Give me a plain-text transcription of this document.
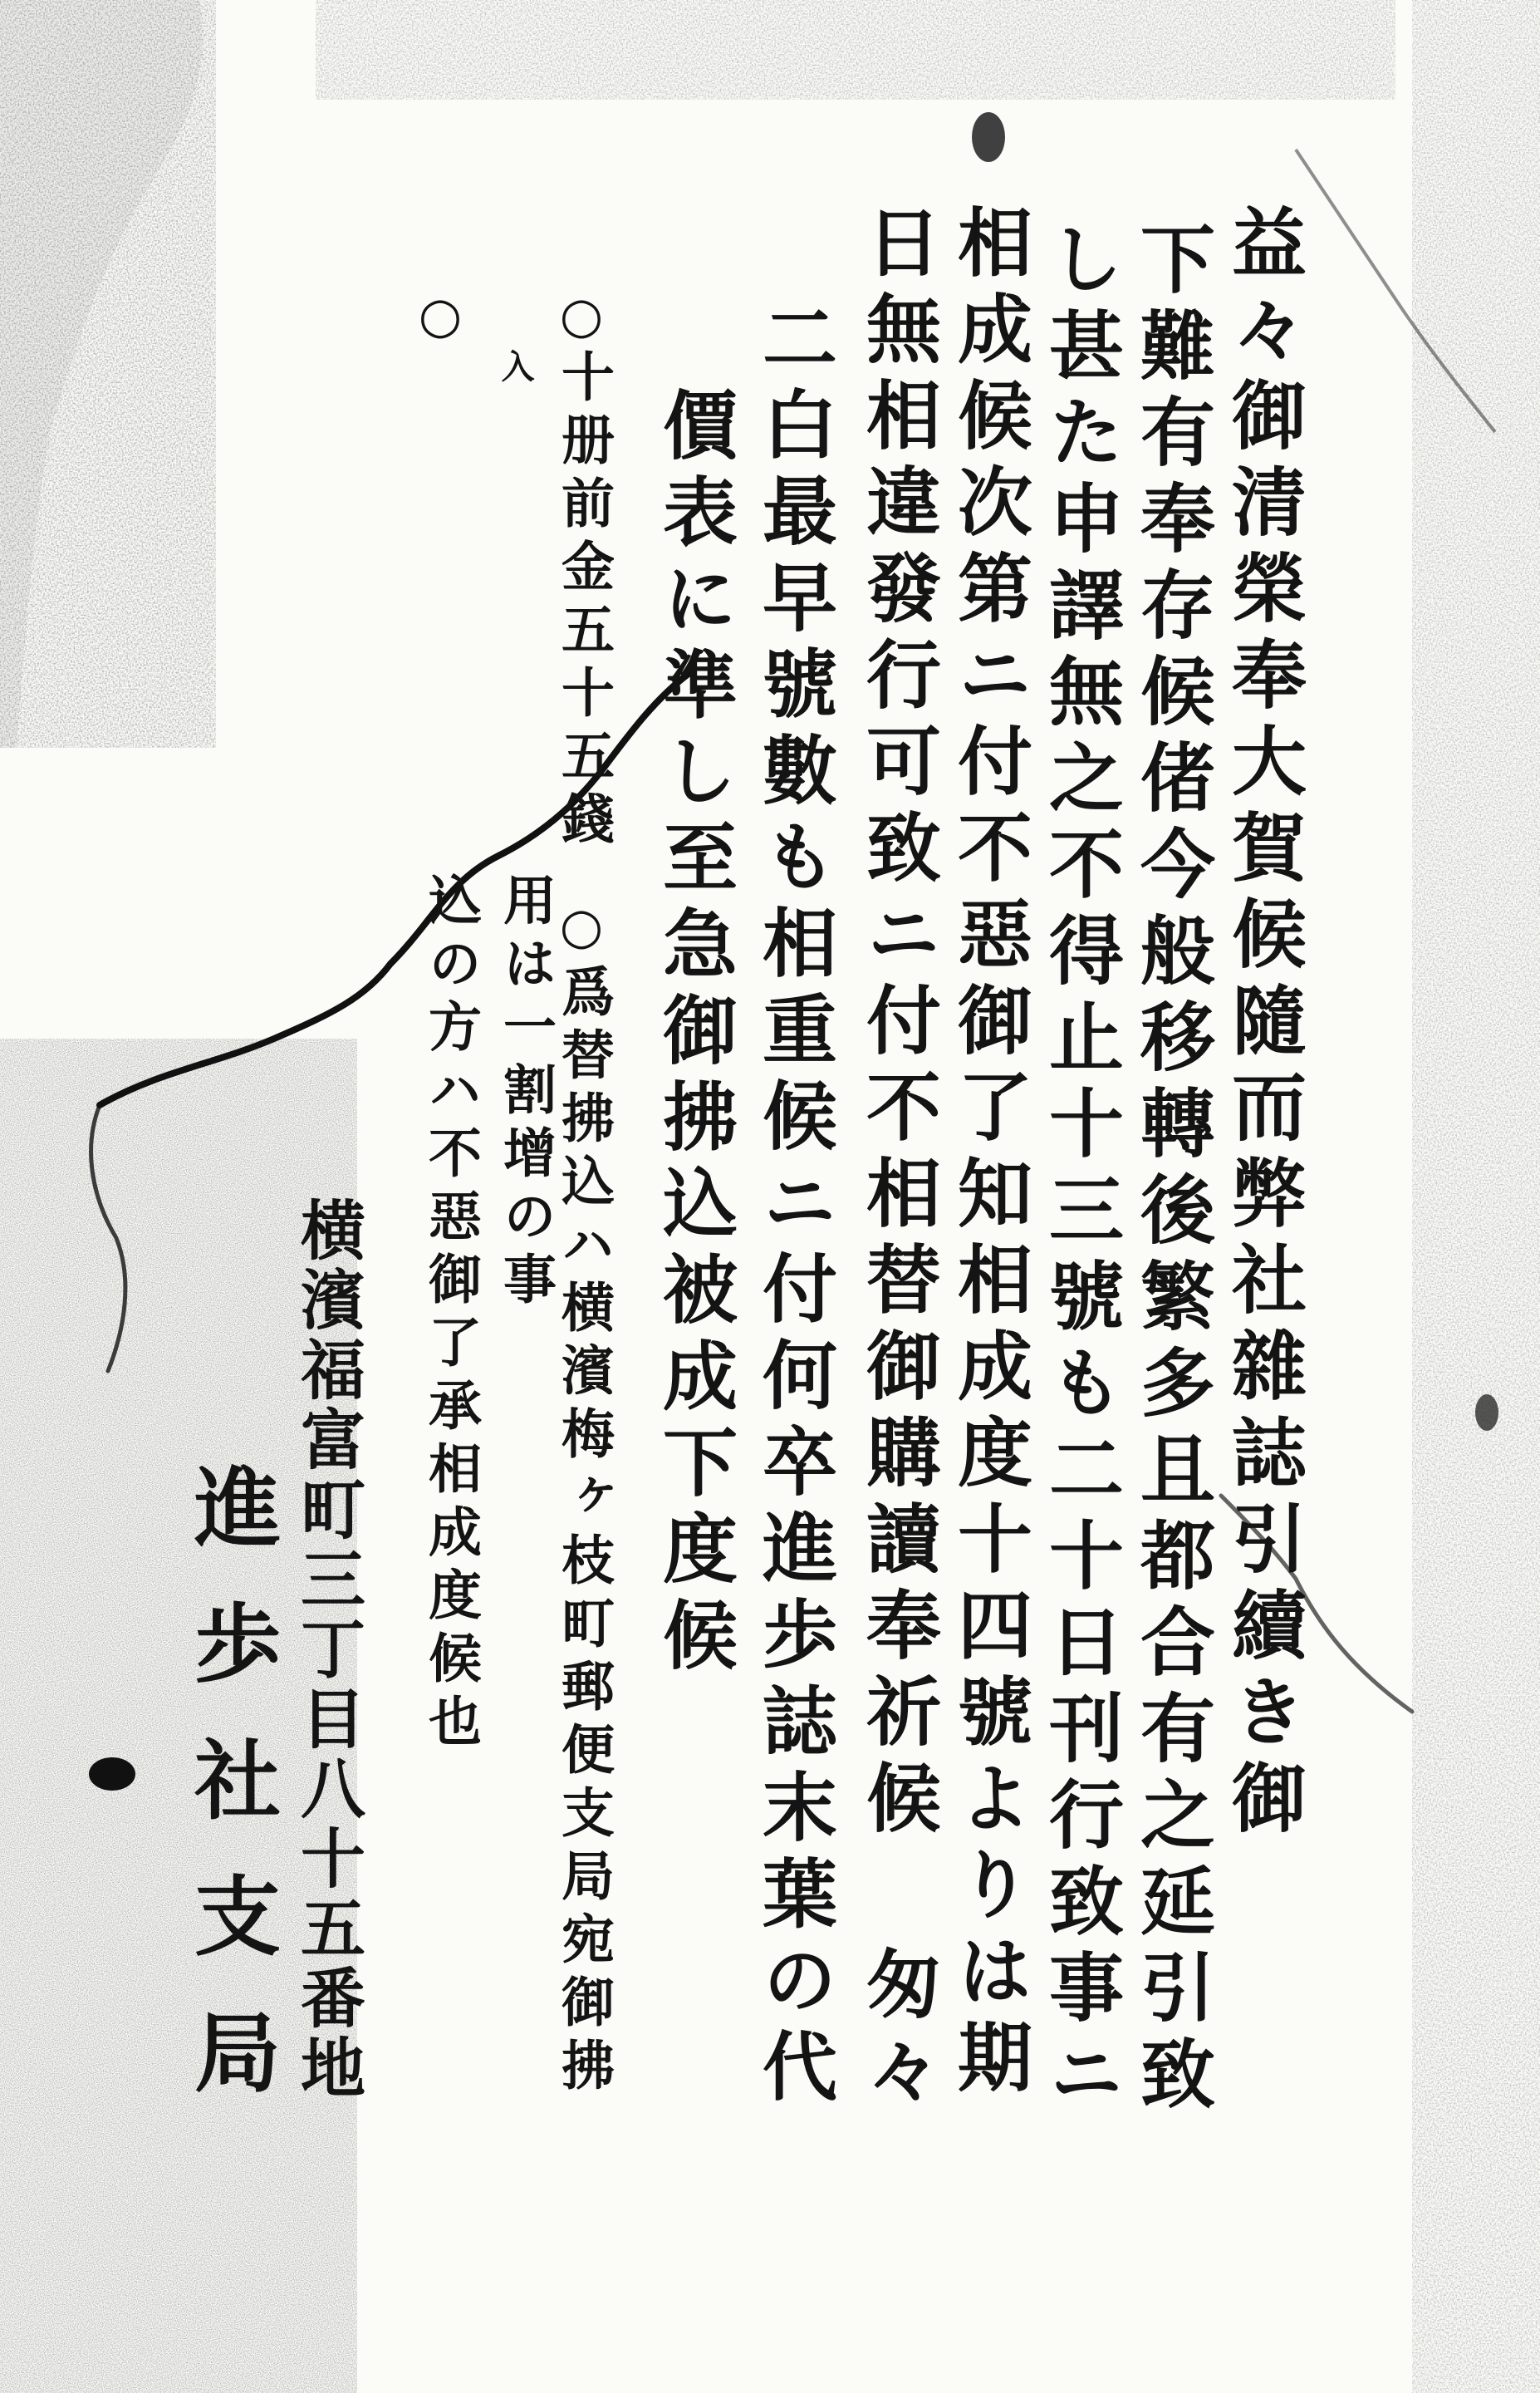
益々御清榮奉大賀候隨而弊社雜誌引續き御
下難有奉存候偖今般移轉後繁多且都合有之延引致
し甚た申譯無之不得止十三號も二十日刊行致事ニ
相成候次第ニ付不惡御了知相成度十四號よりは期
日無相違發行可致ニ付不相替御購讀奉祈候 匆々
二白最早號數も相重候ニ付何卒進歩誌末葉の代
價表に準し至急御拂込被成下度候
○
十册前金五十五錢
○
爲替拂込ハ横濱梅ヶ枝町郵便支局宛御拂
○
入
用は一割增の事
込の方ハ不惡御了承相成度候也
横濱福富町三丁目八十五番地
進歩社支局
